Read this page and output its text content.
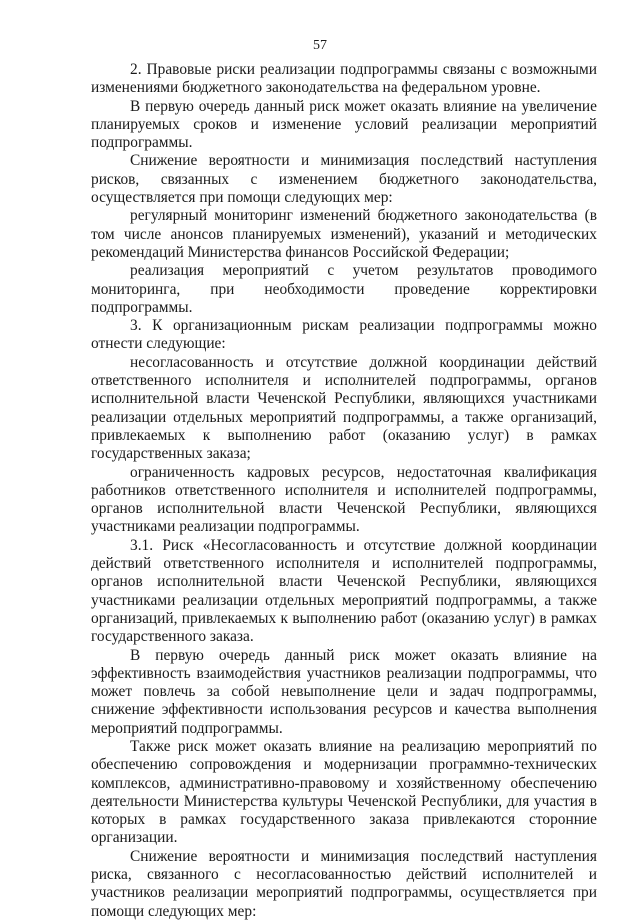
57

2. Правовые риски реализации подпрограммы связаны с возможными изменениями бюджетного законодательства на федеральном уровне.

В первую очередь данный риск может оказать влияние на увеличение планируемых сроков и изменение условий реализации мероприятий подпрограммы.

Снижение вероятности и минимизация последствий наступления рисков, связанных с изменением бюджетного законодательства, осуществляется при помощи следующих мер:

регулярный мониторинг изменений бюджетного законодательства (в том числе анонсов планируемых изменений), указаний и методических рекомендаций Министерства финансов Российской Федерации;

реализация мероприятий с учетом результатов проводимого мониторинга, при необходимости проведение корректировки подпрограммы.

3. К организационным рискам реализации подпрограммы можно отнести следующие:

несогласованность и отсутствие должной координации действий ответственного исполнителя и исполнителей подпрограммы, органов исполнительной власти Чеченской Республики, являющихся участниками реализации отдельных мероприятий подпрограммы, а также организаций, привлекаемых к выполнению работ (оказанию услуг) в рамках государственных заказа;

ограниченность кадровых ресурсов, недостаточная квалификация работников ответственного исполнителя и исполнителей подпрограммы, органов исполнительной власти Чеченской Республики, являющихся участниками реализации подпрограммы.

3.1. Риск «Несогласованность и отсутствие должной координации действий ответственного исполнителя и исполнителей подпрограммы, органов исполнительной власти Чеченской Республики, являющихся участниками реализации отдельных мероприятий подпрограммы, а также организаций, привлекаемых к выполнению работ (оказанию услуг) в рамках государственного заказа.

В первую очередь данный риск может оказать влияние на эффективность взаимодействия участников реализации подпрограммы, что может повлечь за собой невыполнение цели и задач подпрограммы, снижение эффективности использования ресурсов и качества выполнения мероприятий подпрограммы.

Также риск может оказать влияние на реализацию мероприятий по обеспечению сопровождения и модернизации программно-технических комплексов, административно-правовому и хозяйственному обеспечению деятельности Министерства культуры Чеченской Республики, для участия в которых в рамках государственного заказа привлекаются сторонние организации.

Снижение вероятности и минимизация последствий наступления риска, связанного с несогласованностью действий исполнителей и участников реализации мероприятий подпрограммы, осуществляется при помощи следующих мер:
